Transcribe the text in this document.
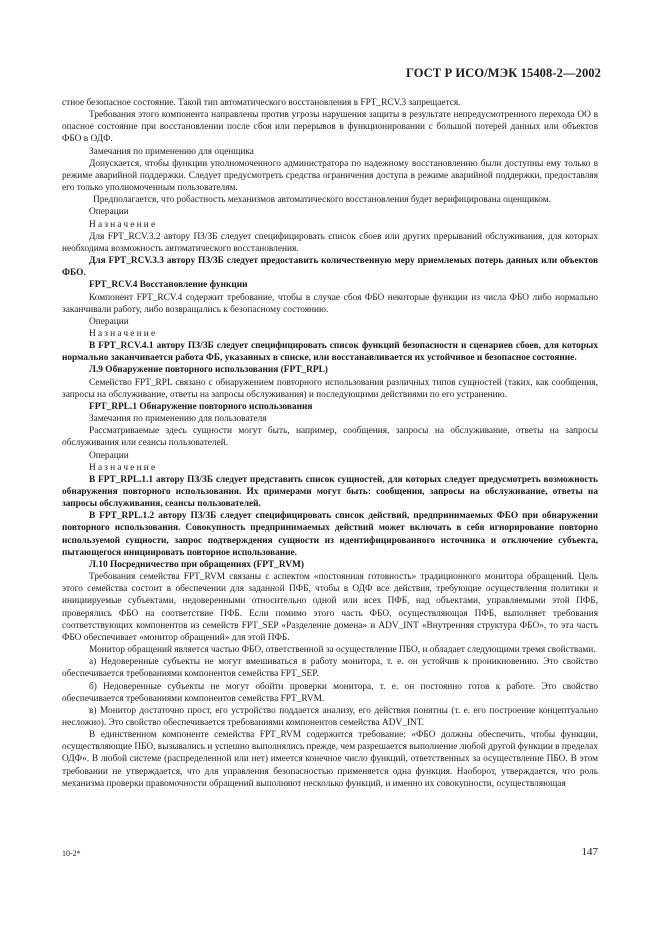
ГОСТ Р ИСО/МЭК 15408-2—2002

стное безопасное состояние. Такой тип автоматического восстановления в FPT_RCV.3 запрещается.

Требования этого компонента направлены против угрозы нарушения защиты в результате непредусмотренного перехода ОО в опасное состояние при восстановлении после сбоя или перерывов в функционировании с большой потерей данных или объектов ФБО в ОДФ.

Замечания по применению для оценщика

Допускается, чтобы функции уполномоченного администратора по надежному восстановлению были доступны ему только в режиме аварийной поддержки. Следует предусмотреть средства ограничения доступа в режиме аварийной поддержки, предоставляя его только уполномоченным пользователям.

Предполагается, что робастность механизмов автоматического восстановления будет верифицирована оценщиком.

Операции

Назначение

Для FPT_RCV.3.2 автору ПЗ/ЗБ следует специфицировать список сбоев или других прерываний обслуживания, для которых необходима возможность автоматического восстановления.

Для FPT_RCV.3.3 автору ПЗ/ЗБ следует предоставить количественную меру приемлемых потерь данных или объектов ФБО.

FPT_RCV.4 Восстановление функции

Компонент FPT_RCV.4 содержит требование, чтобы в случае сбоя ФБО некоторые функции из числа ФБО либо нормально заканчивали работу, либо возвращались к безопасному состоянию.

Операции

Назначение

В FPT_RCV.4.1 автору ПЗ/ЗБ следует специфицировать список функций безопасности и сценариев сбоев, для которых нормально заканчивается работа ФБ, указанных в списке, или восстанавливается их устойчивое и безопасное состояние.

Л.9 Обнаружение повторного использования (FPT_RPL)

Семейство FPT_RPL связано с обнаружением повторного использования различных типов сущностей (таких, как сообщения, запросы на обслуживание, ответы на запросы обслуживания) и последующими действиями по его устранению.

FPT_RPL.1 Обнаружение повторного использования

Замечания по применению для пользователя

Рассматриваемые здесь сущности могут быть, например, сообщения, запросы на обслуживание, ответы на запросы обслуживания или сеансы пользователей.

Операции

Назначение

В FPT_RPL.1.1 автору ПЗ/ЗБ следует представить список сущностей, для которых следует предусмотреть возможность обнаружения повторного использования. Их примерами могут быть: сообщения, запросы на обслуживание, ответы на запросы обслуживания, сеансы пользователей.

В FPT_RPL.1.2 автору ПЗ/ЗБ следует специфицировать список действий, предпринимаемых ФБО при обнаружении повторного использования. Совокупность предпринимаемых действий может включать в себя игнорирование повторно используемой сущности, запрос подтверждения сущности из идентифицированного источника и отключение субъекта, пытающегося инициировать повторное использование.

Л.10 Посредничество при обращениях (FPT_RVM)

Требования семейства FPT_RVM связаны с аспектом «постоянная готовность» традиционного монитора обращений. Цель этого семейства состоит в обеспечении для заданной ПФБ, чтобы в ОДФ все действия, требующие осуществления политики и инициируемые субъектами, недоверенными относительно одной или всех ПФБ, над объектами, управляемыми этой ПФБ, проверялись ФБО на соответствие ПФБ. Если помимо этого часть ФБО, осуществляющая ПФБ, выполняет требования соответствующих компонентов из семейств FPT_SEP «Разделение домена» и ADV_INT «Внутренняя структура ФБО», то эта часть ФБО обеспечивает «монитор обращений» для этой ПФБ.

Монитор обращений является частью ФБО, ответственной за осуществление ПБО, и обладает следующими тремя свойствами.

а) Недоверенные субъекты не могут вмешиваться в работу монитора, т. е. он устойчив к проникновению. Это свойство обеспечивается требованиями компонентов семейства FPT_SEP.

б) Недоверенные субъекты не могут обойти проверки монитора, т. е. он постоянно готов к работе. Это свойство обеспечивается требованиями компонентов семейства FPT_RVM.

в) Монитор достаточно прост, его устройство поддается анализу, его действия понятны (т. е. его построение концептуально несложно). Это свойство обеспечивается требованиями компонентов семейства ADV_INT.

В единственном компоненте семейства FPT_RVM содержится требование: «ФБО должны обеспечить, чтобы функции, осуществляющие ПБО, вызывались и успешно выполнялись прежде, чем разрешается выполнение любой другой функции в пределах ОДФ». В любой системе (распределенной или нет) имеется конечное число функций, ответственных за осуществление ПБО. В этом требовании не утверждается, что для управления безопасностью применяется одна функция. Наоборот, утверждается, что роль механизма проверки правомочности обращений выполняют несколько функций, и именно их совокупности, осуществляющая

10-2*	147
